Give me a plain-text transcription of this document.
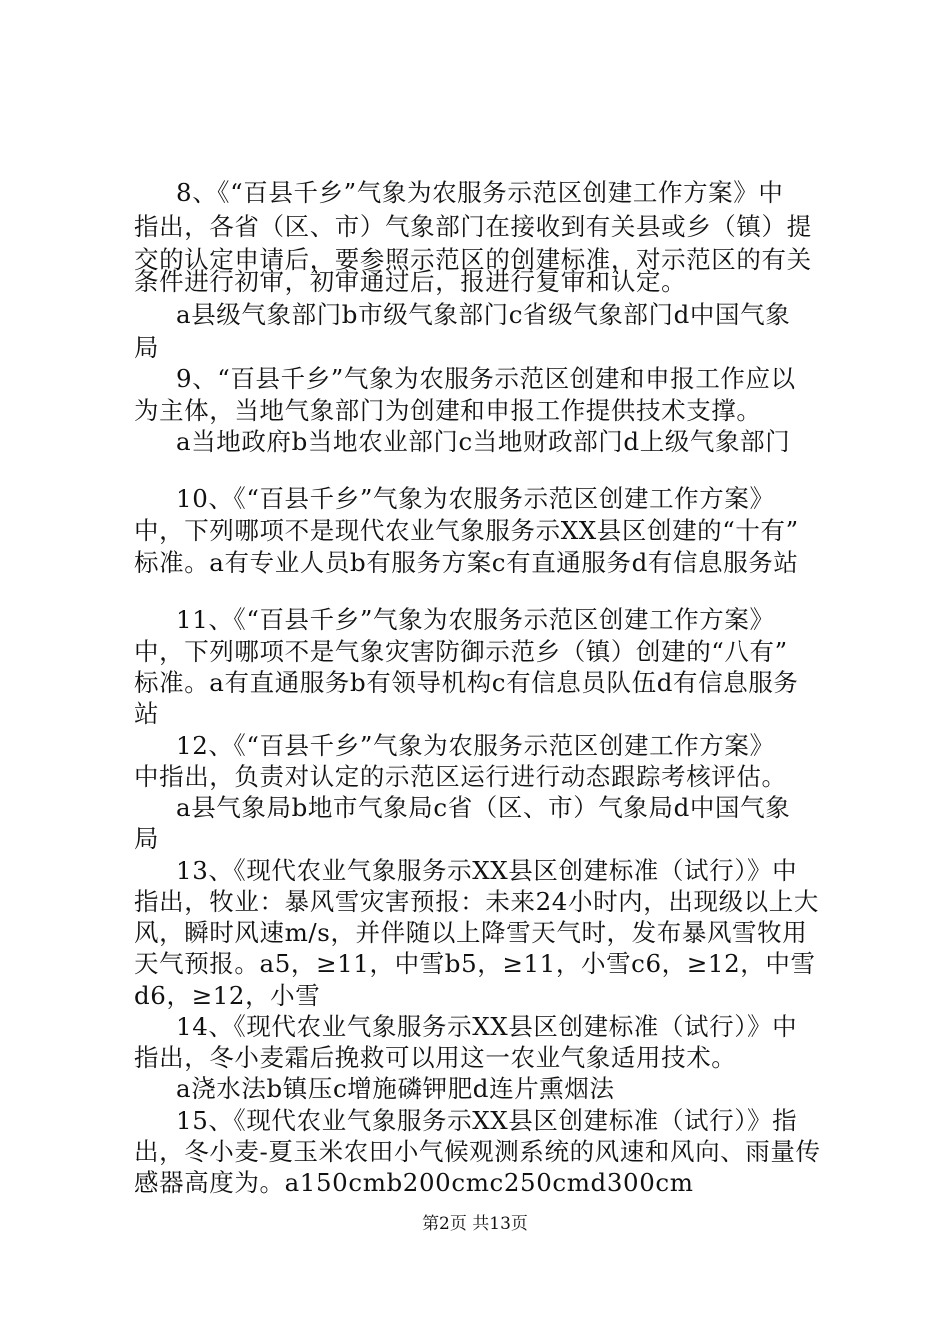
8、《“百县千乡”气象为农服务示范区创建工作方案》中
指出，各省（区、市）气象部门在接收到有关县或乡（镇）提
交的认定申请后，要参照示范区的创建标准，对示范区的有关
条件进行初审，初审通过后，报进行复审和认定。
a县级气象部门b市级气象部门c省级气象部门d中国气象
局
9、“百县千乡”气象为农服务示范区创建和申报工作应以
为主体，当地气象部门为创建和申报工作提供技术支撑。
a当地政府b当地农业部门c当地财政部门d上级气象部门
10、《“百县千乡”气象为农服务示范区创建工作方案》
中，下列哪项不是现代农业气象服务示XX县区创建的“十有”
标准。a有专业人员b有服务方案c有直通服务d有信息服务站
11、《“百县千乡”气象为农服务示范区创建工作方案》
中，下列哪项不是气象灾害防御示范乡（镇）创建的“八有”
标准。a有直通服务b有领导机构c有信息员队伍d有信息服务
站
12、《“百县千乡”气象为农服务示范区创建工作方案》
中指出，负责对认定的示范区运行进行动态跟踪考核评估。
a县气象局b地市气象局c省（区、市）气象局d中国气象
局
13、《现代农业气象服务示XX县区创建标准（试行）》中
指出，牧业：暴风雪灾害预报：未来24小时内，出现级以上大
风，瞬时风速m/s，并伴随以上降雪天气时，发布暴风雪牧用
天气预报。a5，≥11，中雪b5，≥11，小雪c6，≥12，中雪
d6，≥12，小雪
14、《现代农业气象服务示XX县区创建标准（试行）》中
指出，冬小麦霜后挽救可以用这一农业气象适用技术。
a浇水法b镇压c增施磷钾肥d连片熏烟法
15、《现代农业气象服务示XX县区创建标准（试行）》指
出，冬小麦-夏玉米农田小气候观测系统的风速和风向、雨量传
感器高度为。a150cmb200cmc250cmd300cm
第2页 共13页
